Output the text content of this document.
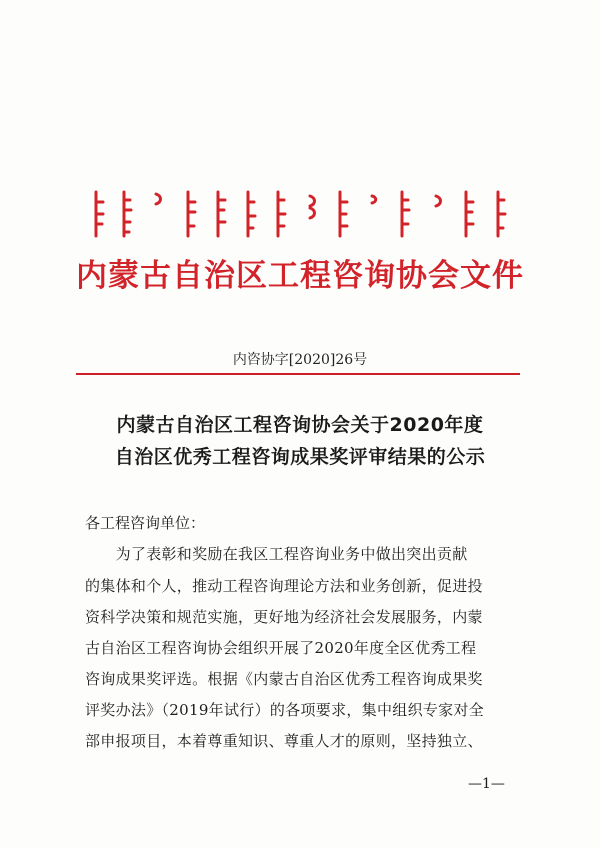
内蒙古自治区工程咨询协会文件
内咨协字[2020]26号
内蒙古自治区工程咨询协会关于2020年度
自治区优秀工程咨询成果奖评审结果的公示
各工程咨询单位：
　　为了表彰和奖励在我区工程咨询业务中做出突出贡献
的集体和个人，推动工程咨询理论方法和业务创新，促进投
资科学决策和规范实施，更好地为经济社会发展服务，内蒙
古自治区工程咨询协会组织开展了2020年度全区优秀工程
咨询成果奖评选。根据《内蒙古自治区优秀工程咨询成果奖
评奖办法》（2019年试行）的各项要求，集中组织专家对全
部申报项目，本着尊重知识、尊重人才的原则，坚持独立、
—1—
